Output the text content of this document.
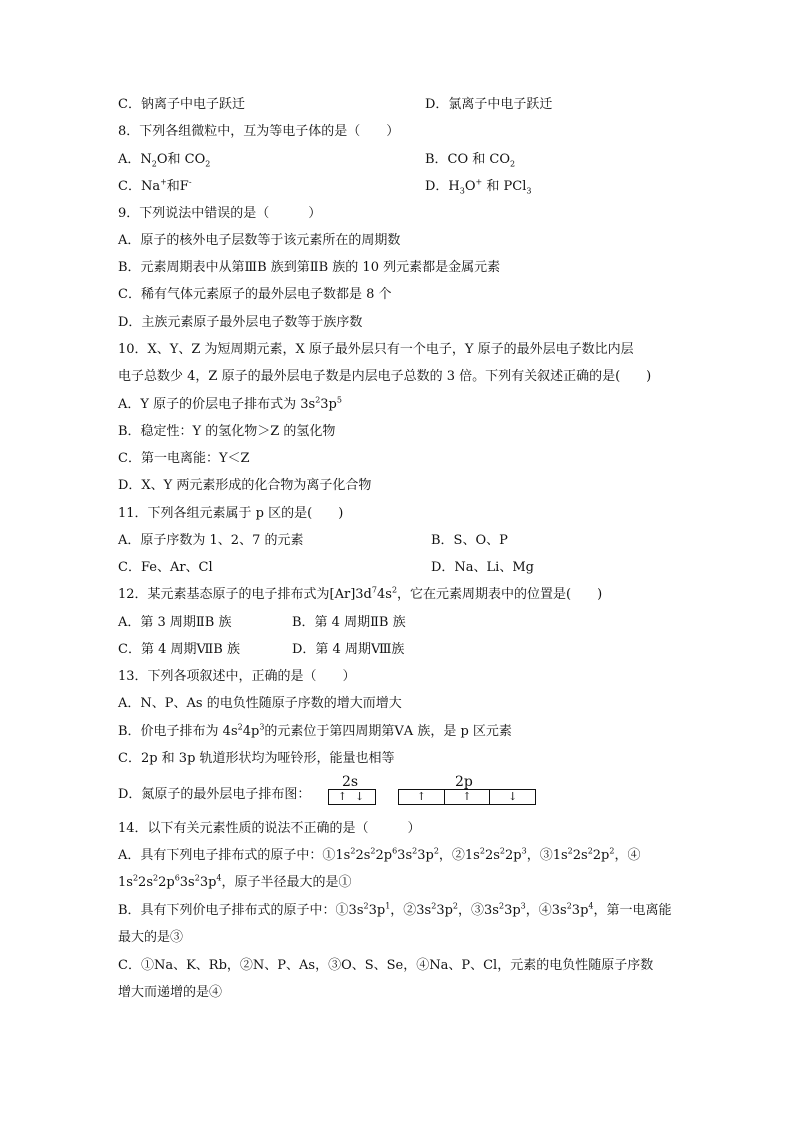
C．钠离子中电子跃迁	D．氯离子中电子跃迁
8．下列各组微粒中，互为等电子体的是（　　）
A．$N_2O$和 $CO_2$	B．CO 和 $CO_2$
C．Na+和F-	D．$H_3O^+$ 和 PCl$_3$
9．下列说法中错误的是（　　　）
A．原子的核外电子层数等于该元素所在的周期数
B．元素周期表中从第ⅢB 族到第ⅡB 族的 10 列元素都是金属元素
C．稀有气体元素原子的最外层电子数都是 8 个
D．主族元素原子最外层电子数等于族序数
10．X、Y、Z 为短周期元素，X 原子最外层只有一个电子，Y 原子的最外层电子数比内层
电子总数少 4，Z 原子的最外层电子数是内层电子总数的 3 倍。下列有关叙述正确的是(　　)
A．Y 原子的价层电子排布式为 $3s^23p^5$
B．稳定性：Y 的氢化物＞Z 的氢化物
C．第一电离能：Y＜Z
D．X、Y 两元素形成的化合物为离子化合物
11．下列各组元素属于 p 区的是(　　)
A．原子序数为 1、2、7 的元素	B．S、O、P
C．Fe、Ar、Cl	D．Na、Li、Mg
12．某元素基态原子的电子排布式为$[Ar]3d^74s^2$，它在元素周期表中的位置是(　　)
A．第 3 周期ⅡB 族	B．第 4 周期ⅡB 族
C．第 4 周期ⅦB 族	D．第 4 周期Ⅷ族
13．下列各项叙述中，正确的是（　　）
A．N、P、As 的电负性随原子序数的增大而增大
B．价电子排布为 $4s^24p^3$的元素位于第四周期第ⅤA 族，是 p 区元素
C．2p 和 3p 轨道形状均为哑铃形，能量也相等
D．氮原子的最外层电子排布图：
2s
↑↓
2p
↑	↑	↓
14．以下有关元素性质的说法不正确的是（　　　）
A．具有下列电子排布式的原子中：$①1s^22s^22p^63s^23p^2$，$②1s^22s^22p^3$，$③1s^22s^22p^2$，④
$1s^22s^22p^63s^23p^4$，原子半径最大的是①
B．具有下列价电子排布式的原子中：$①3s^23p^1$，$②3s^23p^2$，$③3s^23p^3$，$④3s^23p^4$，第一电离能
最大的是③
C．①Na、K、Rb，②N、P、As，③O、S、Se，④Na、P、Cl，元素的电负性随原子序数
增大而递增的是④
